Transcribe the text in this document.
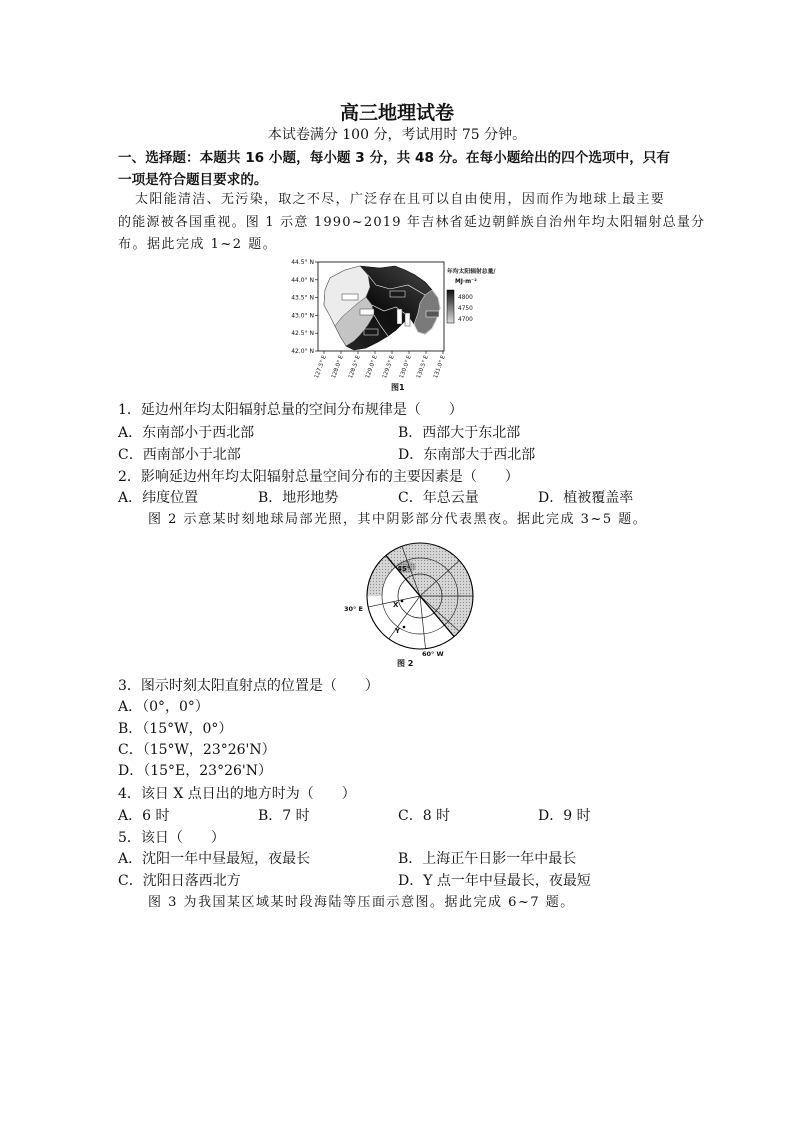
高三地理试卷
本试卷满分 100 分，考试用时 75 分钟。
一、选择题：本题共 16 小题，每小题 3 分，共 48 分。在每小题给出的四个选项中，只有
一项是符合题目要求的。
太阳能清洁、无污染，取之不尽，广泛存在且可以自由使用，因而作为地球上最主要
的能源被各国重视。图 1 示意 1990~2019 年吉林省延边朝鲜族自治州年均太阳辐射总量分
布。据此完成 1~2 题。
44.5° N
44.0° N
43.5° N
43.0° N
42.5° N
42.0° N
127.5° E 128.0° E 128.5° E 129.0° E 129.5° E 130.0° E 130.5° E 131.0° E
年均太阳辐射总量/
MJ·m⁻²
4800
4750
4700
图1
1．延边州年均太阳辐射总量的空间分布规律是（　　）
A．东南部小于西北部	B．西部大于东北部
C．西南部小于北部	D．东南部大于西北部
2．影响延边州年均太阳辐射总量空间分布的主要因素是（　　）
A．纬度位置	B．地形地势	C．年总云量	D．植被覆盖率
图 2 示意某时刻地球局部光照，其中阴影部分代表黑夜。据此完成 3~5 题。
45°
X
Y
30° E
60° W
图 2
3．图示时刻太阳直射点的位置是（　　）
A．（0°，0°）
B．（15°W，0°）
C．（15°W，23°26'N）
D．（15°E，23°26'N）
4．该日 X 点日出的地方时为（　　）
A．6 时	B．7 时	C．8 时	D．9 时
5．该日（　　）
A．沈阳一年中昼最短，夜最长	B．上海正午日影一年中最长
C．沈阳日落西北方	D．Y 点一年中昼最长，夜最短
图 3 为我国某区域某时段海陆等压面示意图。据此完成 6~7 题。
